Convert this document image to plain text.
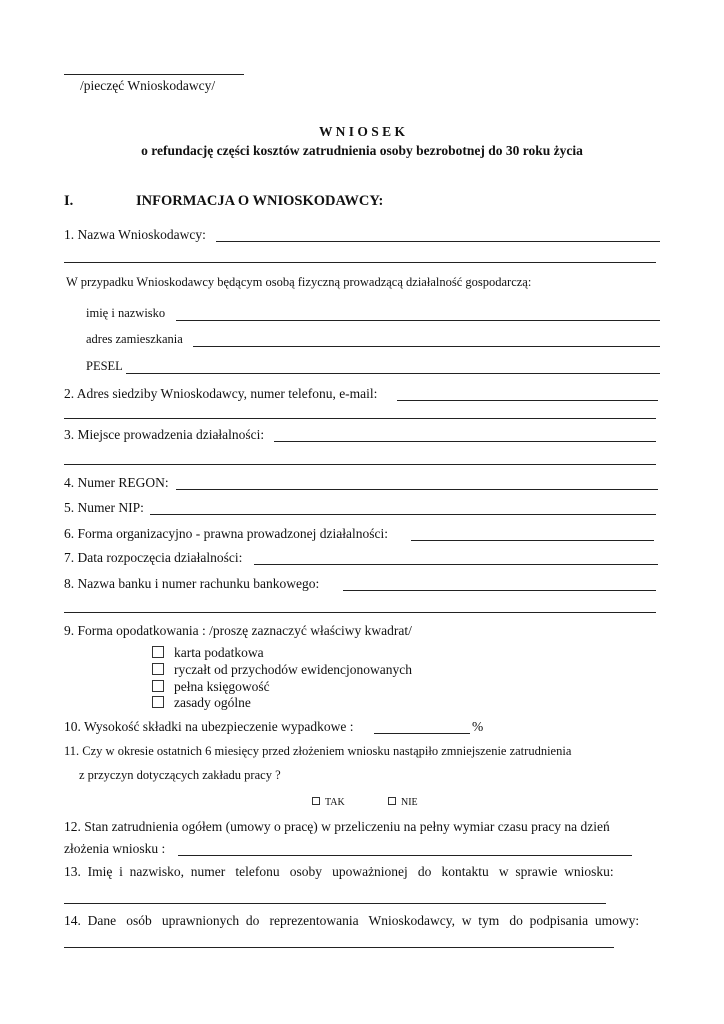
/pieczęć Wnioskodawcy/
W N I O S E K
o refundację części kosztów zatrudnienia osoby bezrobotnej do 30 roku życia
I.	INFORMACJA O WNIOSKODAWCY:
1. Nazwa Wnioskodawcy:
W przypadku Wnioskodawcy będącym osobą fizyczną prowadzącą działalność gospodarczą:
imię i nazwisko
adres zamieszkania
PESEL
2. Adres siedziby Wnioskodawcy, numer telefonu, e-mail:
3. Miejsce prowadzenia działalności:
4. Numer REGON:
5. Numer NIP:
6. Forma organizacyjno - prawna prowadzonej działalności:
7. Data rozpoczęcia działalności:
8. Nazwa banku i numer rachunku bankowego:
9. Forma opodatkowania : /proszę zaznaczyć właściwy kwadrat/
karta podatkowa
ryczałt od przychodów ewidencjonowanych
pełna księgowość
zasady ogólne
10. Wysokość składki na ubezpieczenie wypadkowe :	%
11. Czy w okresie ostatnich 6 miesięcy przed złożeniem wniosku nastąpiło zmniejszenie zatrudnienia
z przyczyn dotyczących zakładu pracy ?
TAK	NIE
12. Stan zatrudnienia ogółem (umowy o pracę) w przeliczeniu na pełny wymiar czasu pracy na dzień
złożenia wniosku :
13.  Imię  i  nazwisko,  numer   telefonu   osoby   upoważnionej   do   kontaktu   w  sprawie  wniosku:
14.  Dane   osób   uprawnionych  do   reprezentowania   Wnioskodawcy,  w  tym   do  podpisania  umowy:
